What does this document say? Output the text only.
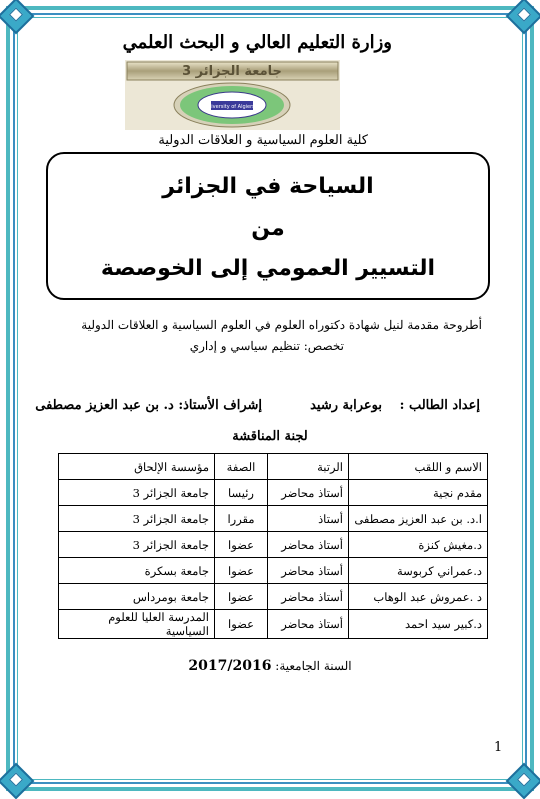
وزارة التعليم العالي و البحث العلمي
جامعة الجزائر 3
University of Algiers 3
كلية العلوم السياسية و العلاقات الدولية
السياحة في الجزائر
من
التسيير العمومي إلى الخوصصة
أطروحة مقدمة لنيل شهادة دكتوراه العلوم في العلوم السياسية و العلاقات الدولية
تخصص: تنظيم سياسي و إداري
إعداد الطالب :
بوعرابة رشيد
إشراف الأستاذ: د. بن عبد العزيز مصطفى
لجنة المناقشة
الاسم و اللقب	الرتبة	الصفة	مؤسسة الإلحاق
مقدم نجية	أستاذ محاضر	رئيسا	جامعة الجزائر 3
ا.د. بن عبد العزيز مصطفى	أستاذ	مقررا	جامعة الجزائر 3
د.مغيش كنزة	أستاذ محاضر	عضوا	جامعة الجزائر 3
د.عمراني كربوسة	أستاذ محاضر	عضوا	جامعة بسكرة
د .عمروش عبد الوهاب	أستاذ محاضر	عضوا	جامعة بومرداس
د.كبير سيد احمد	أستاذ محاضر	عضوا	المدرسة العليا للعلوم السياسية
السنة الجامعية: 2017/2016
1
